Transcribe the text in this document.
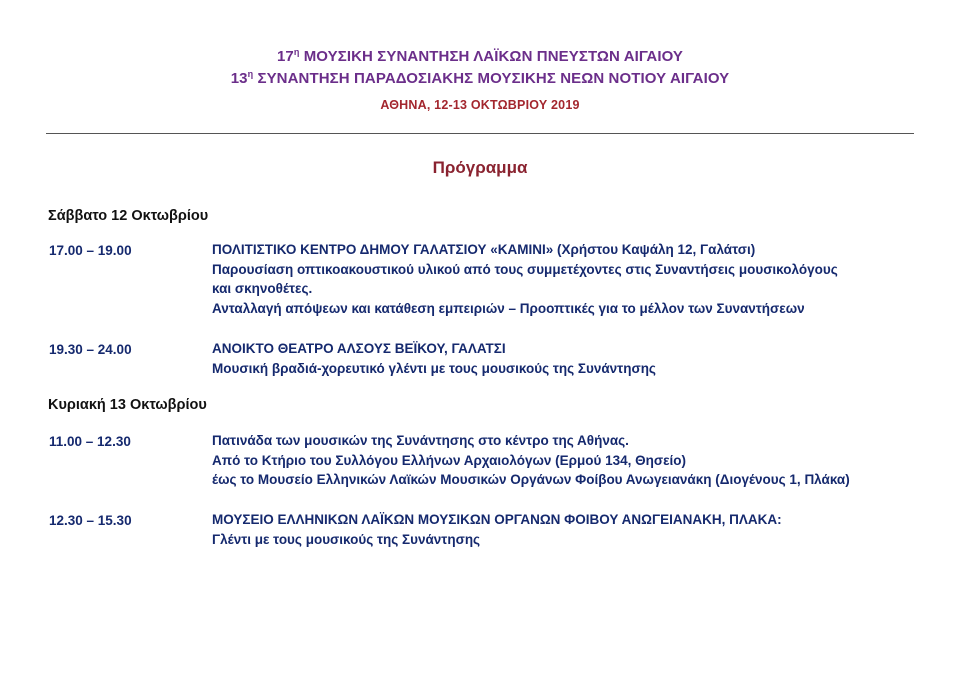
$17^\eta$ ΜΟΥΣΙΚΗ ΣΥΝΑΝΤΗΣΗ ΛΑΪΚΩΝ ΠΝΕΥΣΤΩΝ ΑΙΓΑΙΟΥ
$13^\eta$ ΣΥΝΑΝΤΗΣΗ ΠΑΡΑΔΟΣΙΑΚΗΣ ΜΟΥΣΙΚΗΣ ΝΕΩΝ ΝΟΤΙΟΥ ΑΙΓΑΙΟΥ
ΑΘΗΝΑ, 12-13 ΟΚΤΩΒΡΙΟΥ 2019
Πρόγραμμα
Σάββατο 12 Οκτωβρίου
17.00 – 19.00	ΠΟΛΙΤΙΣΤΙΚΟ ΚΕΝΤΡΟ ΔΗΜΟΥ ΓΑΛΑΤΣΙΟΥ «ΚΑΜΙΝΙ» (Χρήστου Καψάλη 12, Γαλάτσι)
Παρουσίαση οπτικοακουστικού υλικού από τους συμμετέχοντες στις Συναντήσεις μουσικολόγους
και σκηνοθέτες.
Ανταλλαγή απόψεων και κατάθεση εμπειριών – Προοπτικές για το μέλλον των Συναντήσεων
19.30 – 24.00	ΑΝΟΙΚΤΟ ΘΕΑΤΡΟ ΑΛΣΟΥΣ ΒΕΪΚΟΥ, ΓΑΛΑΤΣΙ
Μουσική βραδιά-χορευτικό γλέντι με τους μουσικούς της Συνάντησης
Κυριακή 13 Οκτωβρίου
11.00 – 12.30	Πατινάδα των μουσικών της Συνάντησης στο κέντρο της Αθήνας.
Από το Κτήριο του Συλλόγου Ελλήνων Αρχαιολόγων (Ερμού 134, Θησείο)
έως το Μουσείο Ελληνικών Λαϊκών Μουσικών Οργάνων Φοίβου Ανωγειανάκη (Διογένους 1, Πλάκα)
12.30 – 15.30	ΜΟΥΣΕΙΟ ΕΛΛΗΝΙΚΩΝ ΛΑΪΚΩΝ ΜΟΥΣΙΚΩΝ ΟΡΓΑΝΩΝ ΦΟΙΒΟΥ ΑΝΩΓΕΙΑΝΑΚΗ, ΠΛΑΚΑ:
Γλέντι με τους μουσικούς της Συνάντησης
